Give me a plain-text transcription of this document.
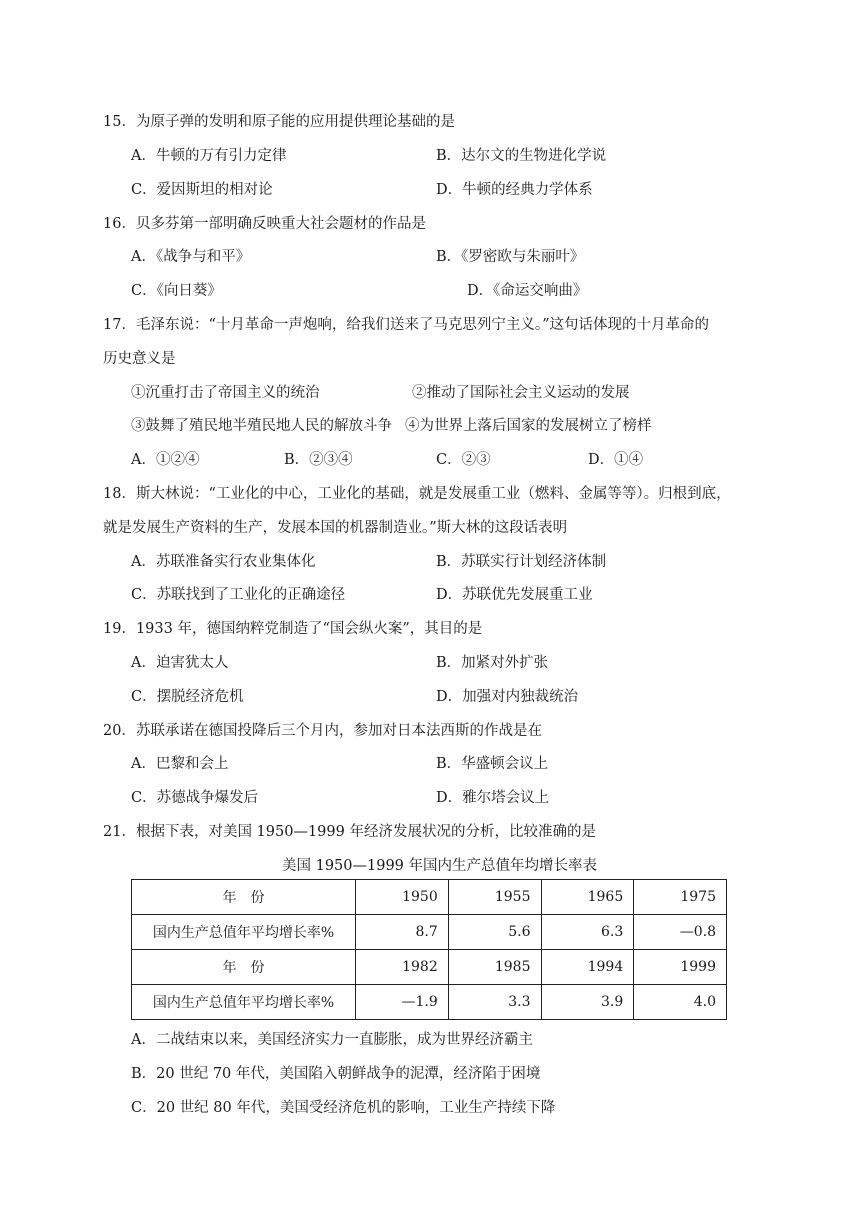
15．为原子弹的发明和原子能的应用提供理论基础的是
A．牛顿的万有引力定律	B．达尔文的生物进化学说
C．爱因斯坦的相对论	D．牛顿的经典力学体系
16．贝多芬第一部明确反映重大社会题材的作品是
A．《战争与和平》	B．《罗密欧与朱丽叶》
C．《向日葵》	D．《命运交响曲》
17．毛泽东说：“十月革命一声炮响，给我们送来了马克思列宁主义。”这句话体现的十月革命的
历史意义是
①沉重打击了帝国主义的统治	②推动了国际社会主义运动的发展
③鼓舞了殖民地半殖民地人民的解放斗争 ④为世界上落后国家的发展树立了榜样
A．①②④	B．②③④	C．②③	D．①④
18．斯大林说：“工业化的中心，工业化的基础，就是发展重工业（燃料、金属等等）。归根到底，
就是发展生产资料的生产，发展本国的机器制造业。”斯大林的这段话表明
A．苏联准备实行农业集体化	B．苏联实行计划经济体制
C．苏联找到了工业化的正确途径	D．苏联优先发展重工业
19．1933 年，德国纳粹党制造了“国会纵火案”，其目的是
A．迫害犹太人	B．加紧对外扩张
C．摆脱经济危机	D．加强对内独裁统治
20．苏联承诺在德国投降后三个月内，参加对日本法西斯的作战是在
A．巴黎和会上	B．华盛顿会议上
C．苏德战争爆发后	D．雅尔塔会议上
21．根据下表，对美国 1950—1999 年经济发展状况的分析，比较准确的是
美国 1950—1999 年国内生产总值年均增长率表
年　份	1950	1955	1965	1975
国内生产总值年平均增长率%	8.7	5.6	6.3	—0.8
年　份	1982	1985	1994	1999
国内生产总值年平均增长率%	—1.9	3.3	3.9	4.0
A．二战结束以来，美国经济实力一直膨胀，成为世界经济霸主
B．20 世纪 70 年代，美国陷入朝鲜战争的泥潭，经济陷于困境
C．20 世纪 80 年代，美国受经济危机的影响，工业生产持续下降
